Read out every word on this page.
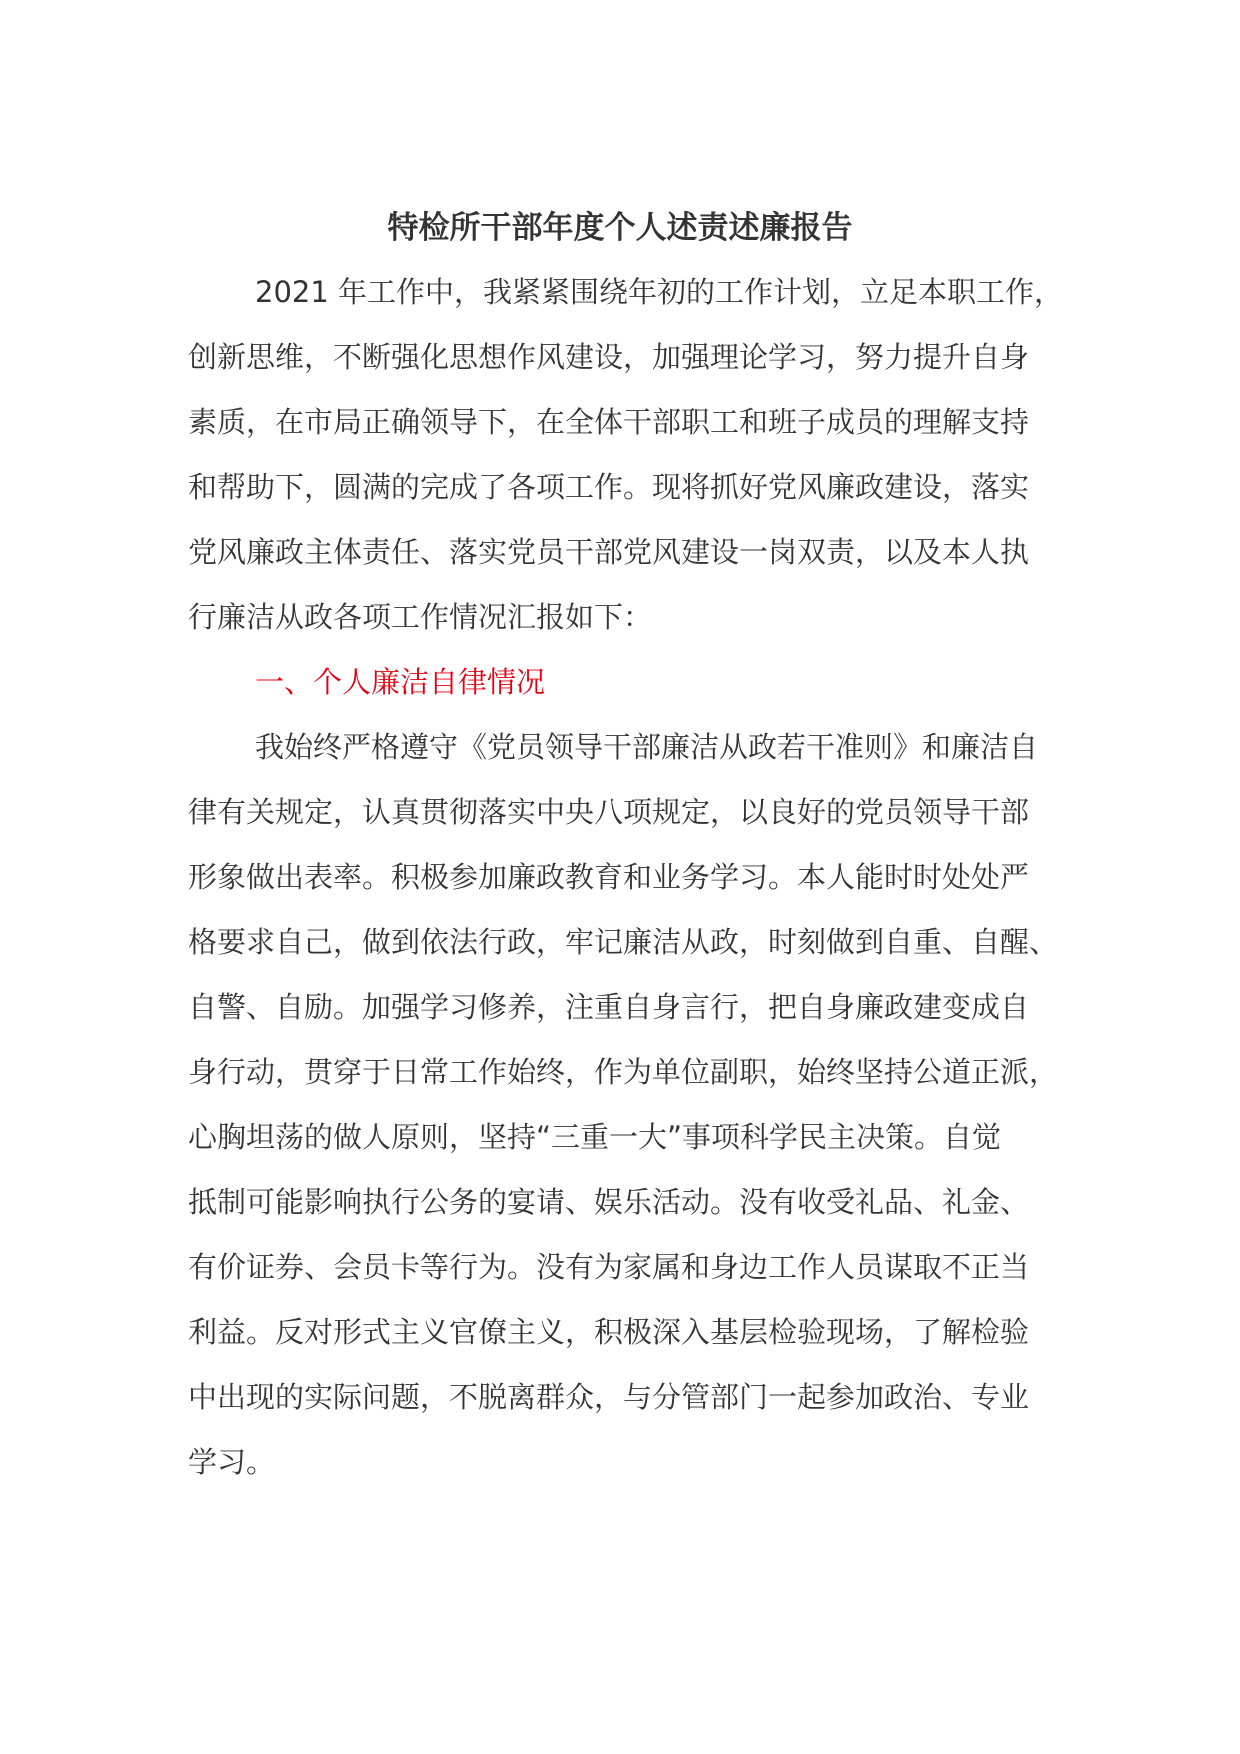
特检所干部年度个人述责述廉报告
2021 年工作中，我紧紧围绕年初的工作计划，立足本职工作，
创新思维，不断强化思想作风建设，加强理论学习，努力提升自身
素质，在市局正确领导下，在全体干部职工和班子成员的理解支持
和帮助下，圆满的完成了各项工作。现将抓好党风廉政建设，落实
党风廉政主体责任、落实党员干部党风建设一岗双责，以及本人执
行廉洁从政各项工作情况汇报如下：
一、个人廉洁自律情况
我始终严格遵守《党员领导干部廉洁从政若干准则》和廉洁自
律有关规定，认真贯彻落实中央八项规定，以良好的党员领导干部
形象做出表率。积极参加廉政教育和业务学习。本人能时时处处严
格要求自己，做到依法行政，牢记廉洁从政，时刻做到自重、自醒、
自警、自励。加强学习修养，注重自身言行，把自身廉政建变成自
身行动，贯穿于日常工作始终，作为单位副职，始终坚持公道正派，
心胸坦荡的做人原则，坚持“三重一大”事项科学民主决策。自觉
抵制可能影响执行公务的宴请、娱乐活动。没有收受礼品、礼金、
有价证券、会员卡等行为。没有为家属和身边工作人员谋取不正当
利益。反对形式主义官僚主义，积极深入基层检验现场，了解检验
中出现的实际问题，不脱离群众，与分管部门一起参加政治、专业
学习。
